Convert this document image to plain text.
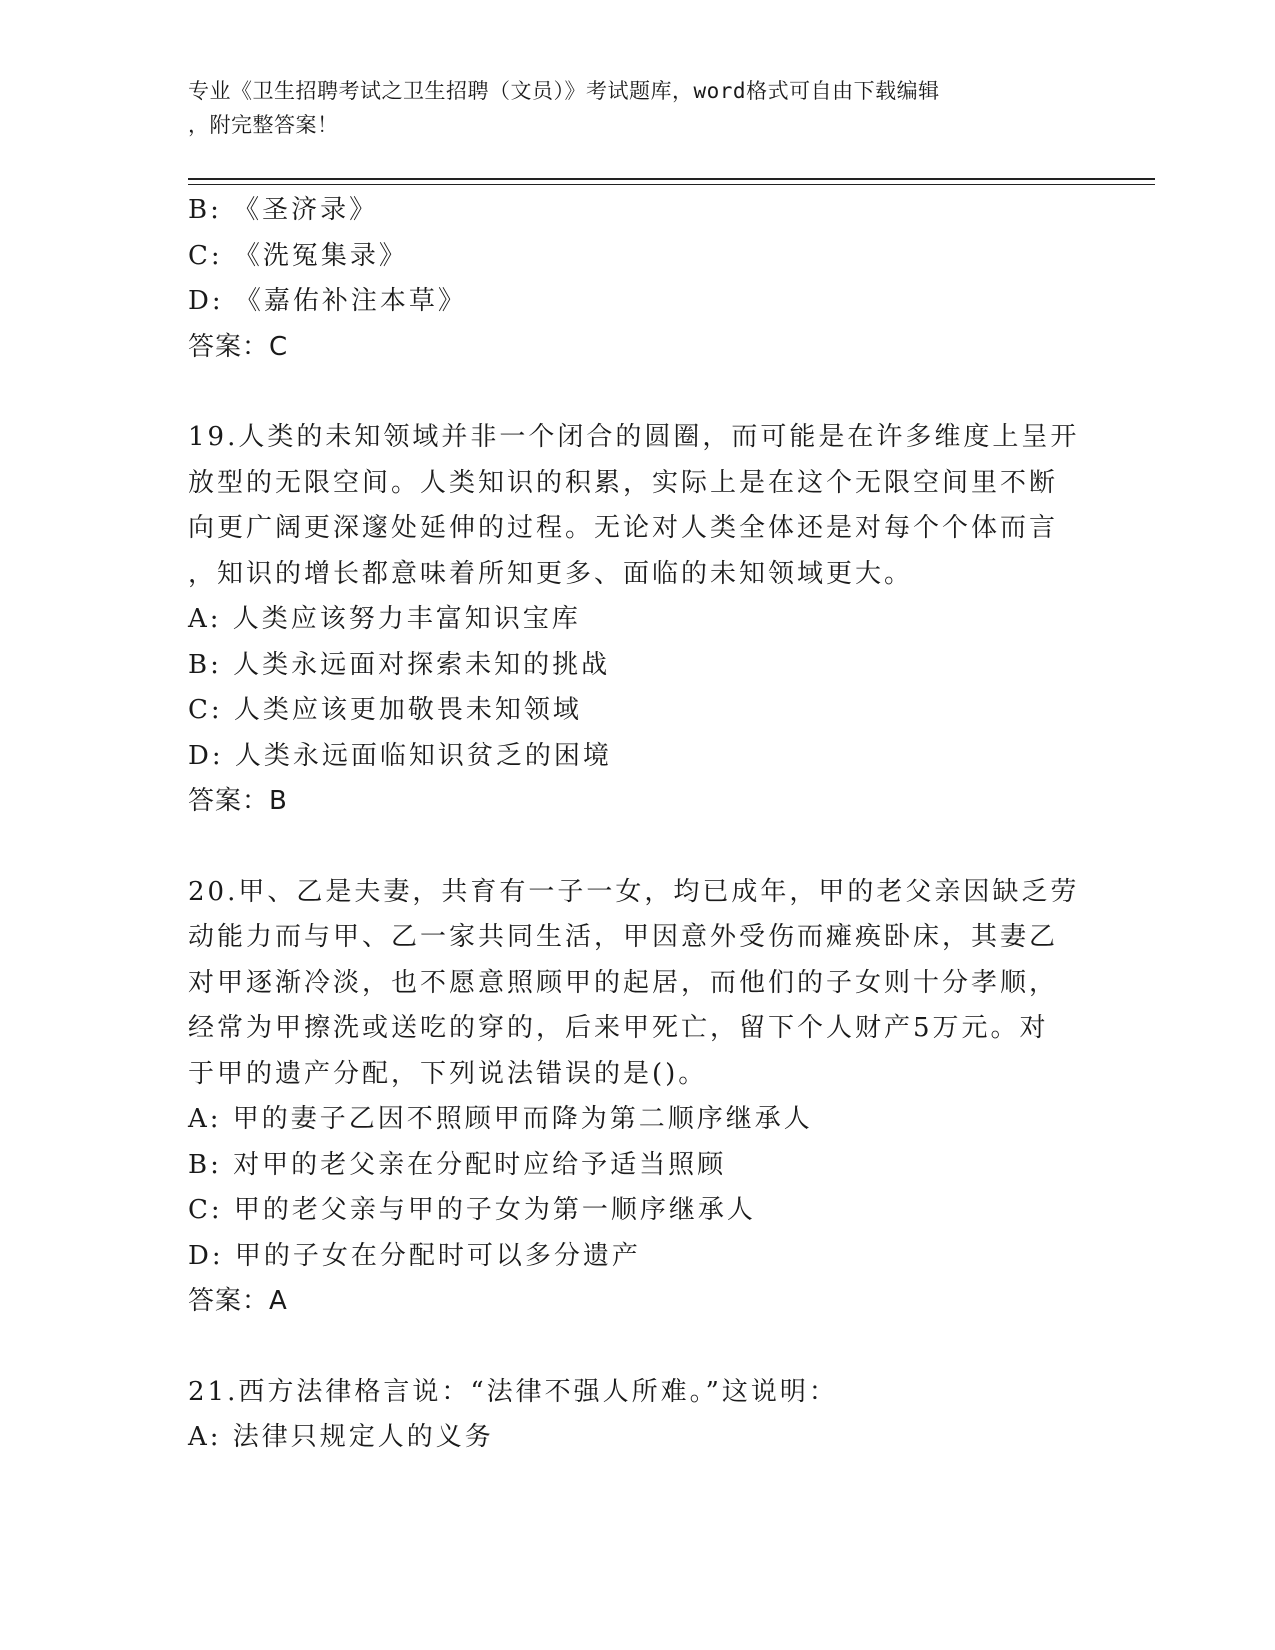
专业《卫生招聘考试之卫生招聘（文员）》考试题库，word格式可自由下载编辑
，附完整答案！
B: 《圣济录》
C: 《洗冤集录》
D: 《嘉佑补注本草》
答案：C
19.人类的未知领域并非一个闭合的圆圈，而可能是在许多维度上呈开
放型的无限空间。人类知识的积累，实际上是在这个无限空间里不断
向更广阔更深邃处延伸的过程。无论对人类全体还是对每个个体而言
，知识的增长都意味着所知更多、面临的未知领域更大。
A: 人类应该努力丰富知识宝库
B: 人类永远面对探索未知的挑战
C: 人类应该更加敬畏未知领域
D: 人类永远面临知识贫乏的困境
答案：B
20.甲、乙是夫妻，共育有一子一女，均已成年，甲的老父亲因缺乏劳
动能力而与甲、乙一家共同生活，甲因意外受伤而瘫痪卧床，其妻乙
对甲逐渐冷淡，也不愿意照顾甲的起居，而他们的子女则十分孝顺，
经常为甲擦洗或送吃的穿的，后来甲死亡，留下个人财产5万元。对
于甲的遗产分配，下列说法错误的是()。
A: 甲的妻子乙因不照顾甲而降为第二顺序继承人
B: 对甲的老父亲在分配时应给予适当照顾
C: 甲的老父亲与甲的子女为第一顺序继承人
D: 甲的子女在分配时可以多分遗产
答案：A
21.西方法律格言说：“法律不强人所难。”这说明：
A: 法律只规定人的义务
